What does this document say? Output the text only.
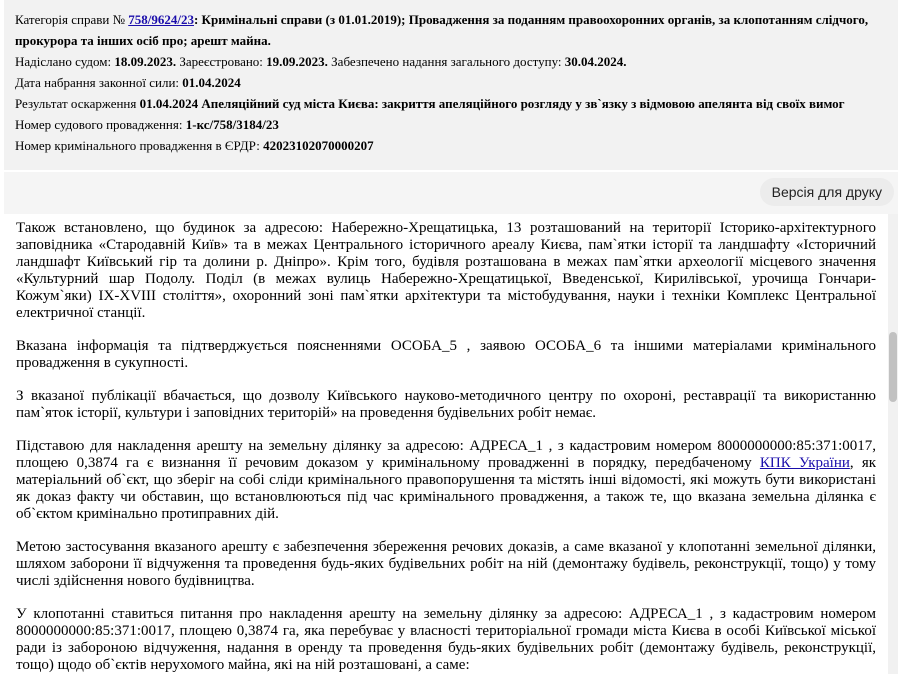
Категорія справи № 758/9624/23: Кримінальні справи (з 01.01.2019); Провадження за поданням правоохоронних органів, за клопотанням слідчого, прокурора та інших осіб про; арешт майна.
Надіслано судом: 18.09.2023. Зареєстровано: 19.09.2023. Забезпечено надання загального доступу: 30.04.2024.
Дата набрання законної сили: 01.04.2024
Результат оскарження 01.04.2024 Апеляційний суд міста Києва: закриття апеляційного розгляду у зв`язку з відмовою апелянта від своїх вимог
Номер судового провадження: 1-кс/758/3184/23
Номер кримінального провадження в ЄРДР: 42023102070000207
Версія для друку

Також встановлено, що будинок за адресою: Набережно-Хрещатицька, 13 розташований на території Історико-архітектурного заповідника «Стародавній Київ» та в межах Центрального історичного ареалу Києва, пам`ятки історії та ландшафту «Історичний ландшафт Київський гір та долини р. Дніпро». Крім того, будівля розташована в межах пам`ятки археології місцевого значення «Культурний шар Подолу. Поділ (в межах вулиць Набережно-Хрещатицької, Введенської, Кирилівської, урочища Гончари-Кожум`яки) IX-XVIII століття», охоронний зоні пам`ятки архітектури та містобудування, науки і техніки Комплекс Центральної електричної станції.

Вказана інформація та підтверджується поясненнями ОСОБА_5 , заявою ОСОБА_6 та іншими матеріалами кримінального провадження в сукупності.

З вказаної публікації вбачається, що дозволу Київського науково-методичного центру по охороні, реставрації та використанню пам`яток історії, культури і заповідних територій» на проведення будівельних робіт немає.

Підставою для накладення арешту на земельну ділянку за адресою: АДРЕСА_1 , з кадастровим номером 8000000000:85:371:0017, площею 0,3874 га є визнання її речовим доказом у кримінальному провадженні в порядку, передбаченому КПК України, як матеріальний об`єкт, що зберіг на собі сліди кримінального правопорушення та містять інші відомості, які можуть бути використані як доказ факту чи обставин, що встановлюються під час кримінального провадження, а також те, що вказана земельна ділянка є об`єктом кримінально протиправних дій.

Метою застосування вказаного арешту є забезпечення збереження речових доказів, а саме вказаної у клопотанні земельної ділянки, шляхом заборони її відчуження та проведення будь-яких будівельних робіт на ній (демонтажу будівель, реконструкції, тощо) у тому числі здійснення нового будівництва.

У клопотанні ставиться питання про накладення арешту на земельну ділянку за адресою: АДРЕСА_1 , з кадастровим номером 8000000000:85:371:0017, площею 0,3874 га, яка перебуває у власності територіальної громади міста Києва в особі Київської міської ради із забороною відчуження, надання в оренду та проведення будь-яких будівельних робіт (демонтажу будівель, реконструкції, тощо) щодо об`єктів нерухомого майна, які на ній розташовані, а саме:
